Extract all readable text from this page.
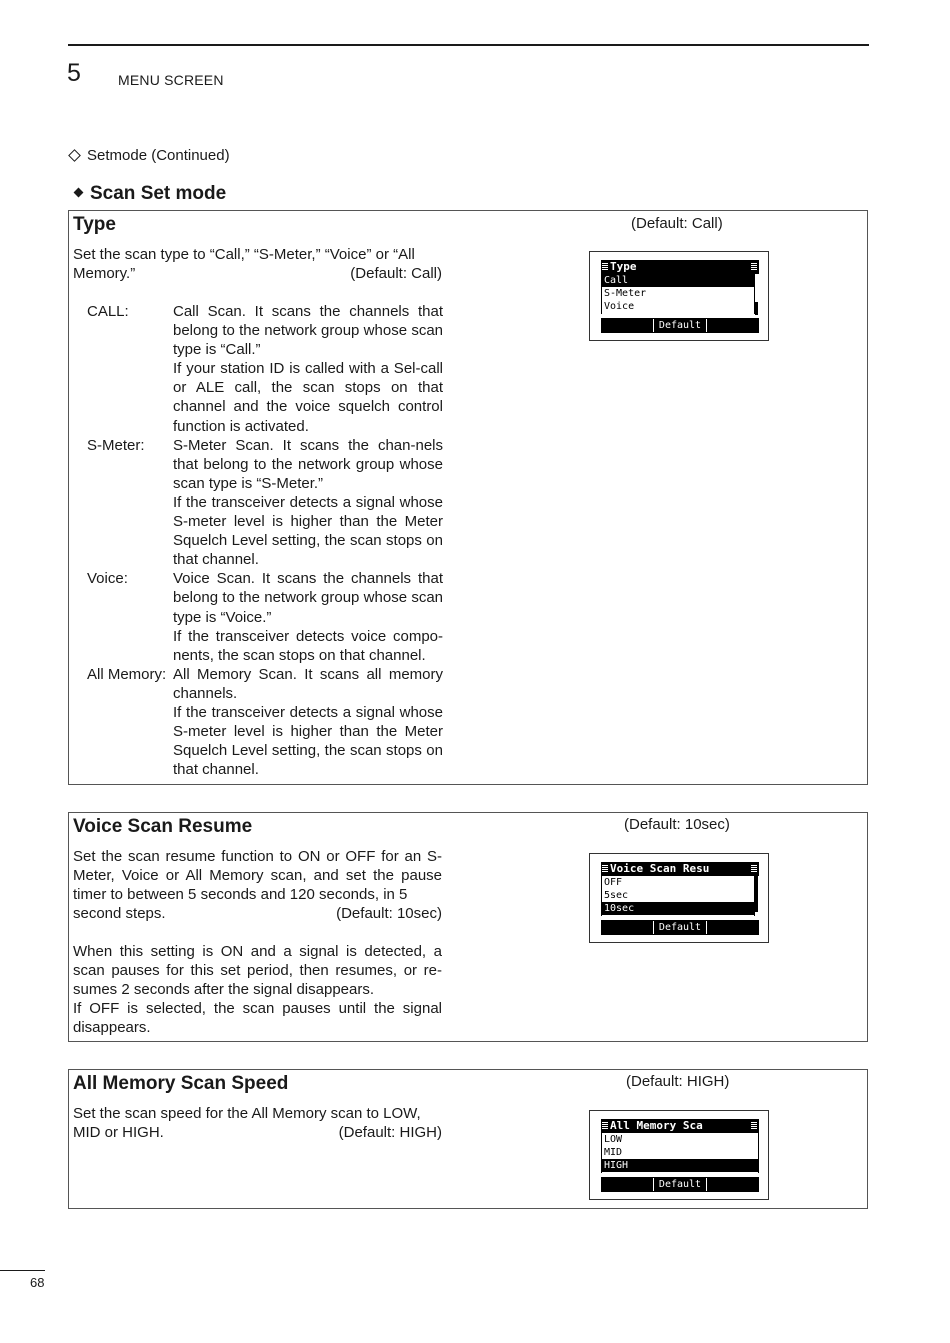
5	MENU SCREEN
Setmode (Continued)
Scan Set mode
Type	(Default: Call)
Set the scan type to “Call,” “S-Meter,” “Voice” or “All
Memory.”	(Default: Call)
CALL:	Call Scan. It scans the channels that belong to the network group whose scan type is “Call.”

If your station ID is called with a Sel-call or ALE call, the scan stops on that channel and the voice squelch control function is activated.

S-Meter:	S-Meter Scan. It scans the chan-nels that belong to the network group whose scan type is “S-Meter.”

If the transceiver detects a signal whose S-meter level is higher than the Meter Squelch Level setting, the scan stops on that channel.

Voice:	Voice Scan. It scans the channels that belong to the network group whose scan type is “Voice.”

If the transceiver detects voice compo-nents, the scan stops on that channel.

All Memory: All Memory Scan. It scans all memory channels.

If the transceiver detects a signal whose S-meter level is higher than the Meter Squelch Level setting, the scan stops on that channel.

Type
Call
S-Meter
Voice
Default
Voice Scan Resume	(Default: 10sec)
Set the scan resume function to ON or OFF for an S-Meter, Voice or All Memory scan, and set the pause timer to between 5 seconds and 120 seconds, in 5
second steps.	(Default: 10sec)
When this setting is ON and a signal is detected, a scan pauses for this set period, then resumes, or re-sumes 2 seconds after the signal disappears.
If OFF is selected, the scan pauses until the signal disappears.
Voice Scan Resu
OFF
5sec
10sec
Default
All Memory Scan Speed	(Default: HIGH)
Set the scan speed for the All Memory scan to LOW,
MID or HIGH.	(Default: HIGH)	All Memory Sca
LOW
MID
HIGH
Default
68
